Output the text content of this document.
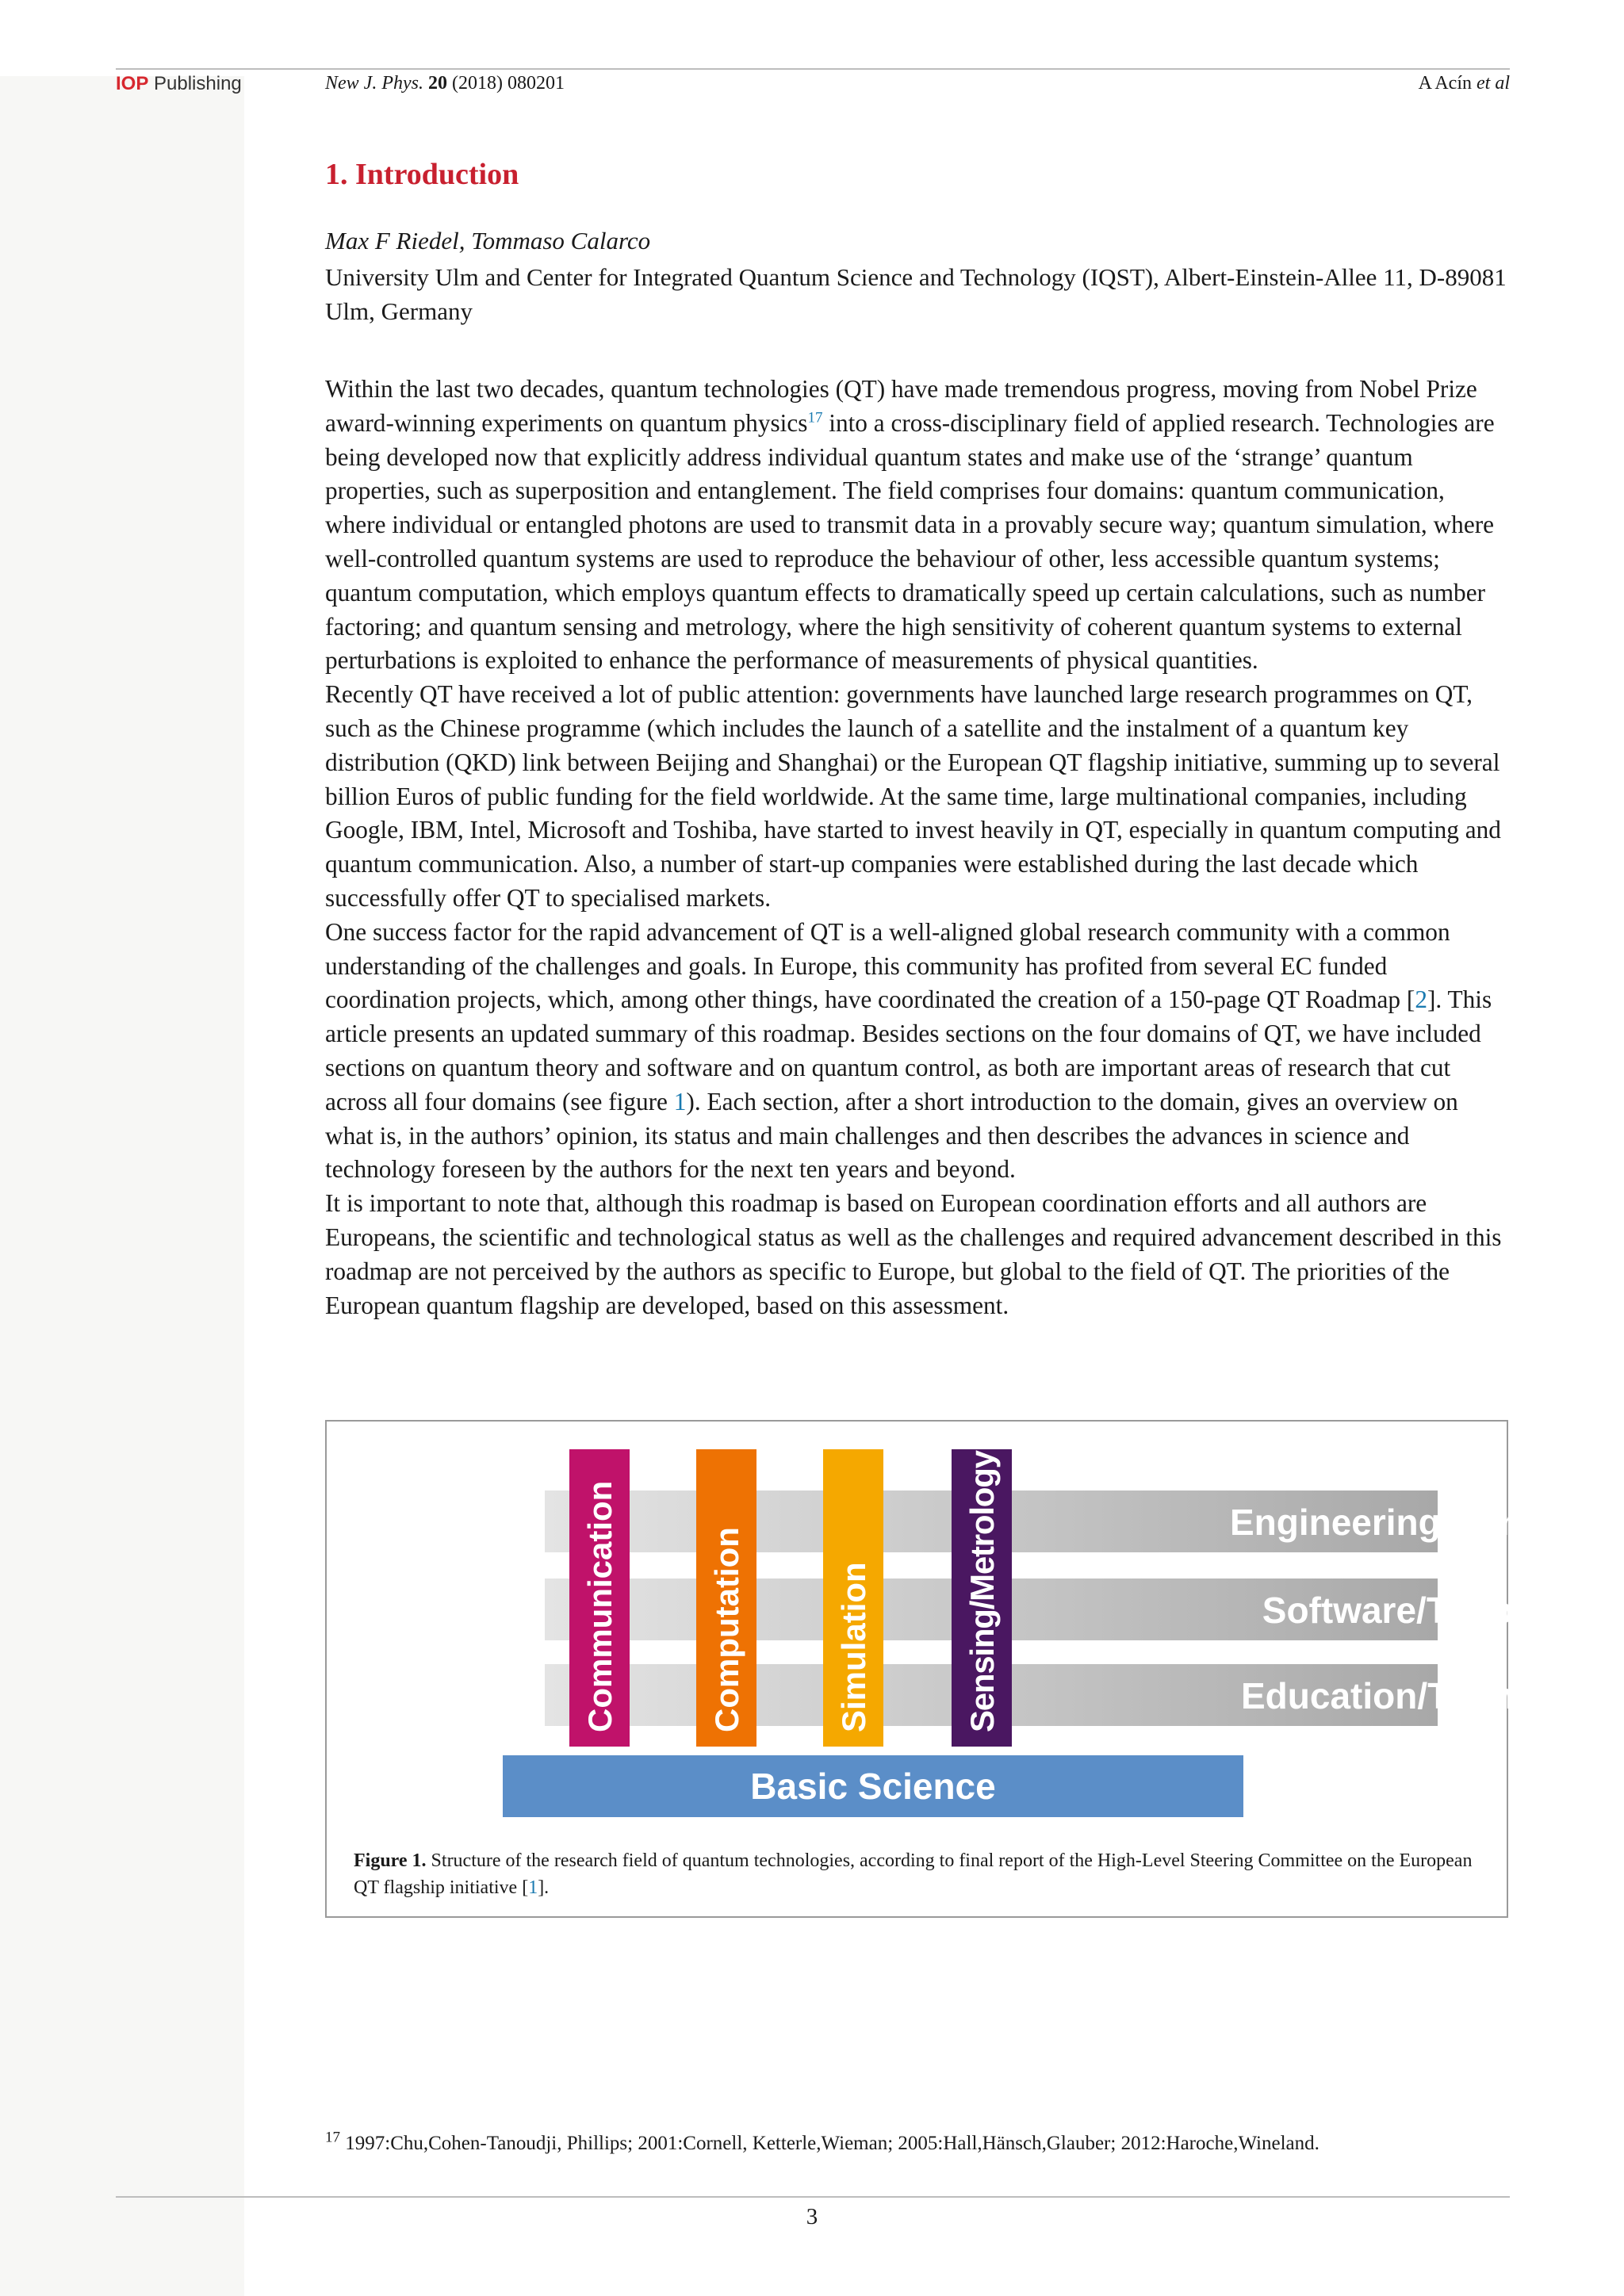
IOP Publishing	New J. Phys. 20 (2018) 080201	A Acín et al
1. Introduction
Max F Riedel, Tommaso Calarco
University Ulm and Center for Integrated Quantum Science and Technology (IQST), Albert-Einstein-Allee 11, D-89081 Ulm, Germany

Within the last two decades, quantum technologies (QT) have made tremendous progress, moving from Nobel Prize award-winning experiments on quantum physics$^{17}$ into a cross-disciplinary field of applied research. Technologies are being developed now that explicitly address individual quantum states and make use of the ‘strange’ quantum properties, such as superposition and entanglement. The field comprises four domains: quantum communication, where individual or entangled photons are used to transmit data in a provably secure way; quantum simulation, where well-controlled quantum systems are used to reproduce the behaviour of other, less accessible quantum systems; quantum computation, which employs quantum effects to dramatically speed up certain calculations, such as number factoring; and quantum sensing and metrology, where the high sensitivity of coherent quantum systems to external perturbations is exploited to enhance the performance of measurements of physical quantities.

Recently QT have received a lot of public attention: governments have launched large research programmes on QT, such as the Chinese programme (which includes the launch of a satellite and the instalment of a quantum key distribution (QKD) link between Beijing and Shanghai) or the European QT flagship initiative, summing up to several billion Euros of public funding for the field worldwide. At the same time, large multinational companies, including Google, IBM, Intel, Microsoft and Toshiba, have started to invest heavily in QT, especially in quantum computing and quantum communication. Also, a number of start-up companies were established during the last decade which successfully offer QT to specialised markets.

One success factor for the rapid advancement of QT is a well-aligned global research community with a common understanding of the challenges and goals. In Europe, this community has profited from several EC funded coordination projects, which, among other things, have coordinated the creation of a 150-page QT Roadmap [2]. This article presents an updated summary of this roadmap. Besides sections on the four domains of QT, we have included sections on quantum theory and software and on quantum control, as both are important areas of research that cut across all four domains (see figure 1). Each section, after a short introduction to the domain, gives an overview on what is, in the authors’ opinion, its status and main challenges and then describes the advances in science and technology foreseen by the authors for the next ten years and beyond.

It is important to note that, although this roadmap is based on European coordination efforts and all authors are Europeans, the scientific and technological status as well as the challenges and required advancement described in this roadmap are not perceived by the authors as specific to Europe, but global to the field of QT. The priorities of the European quantum flagship are developed, based on this assessment.

Engineering/Control
Software/Theory
Education/Training
Communication	Computation	Simulation	Sensing/Metrology
Basic Science
Figure 1. Structure of the research field of quantum technologies, according to final report of the High-Level Steering Committee on the European QT flagship initiative [1].
$^{17}$ 1997:Chu,Cohen-Tanoudji, Phillips; 2001:Cornell, Ketterle,Wieman; 2005:Hall,Hänsch,Glauber; 2012:Haroche,Wineland.
3
